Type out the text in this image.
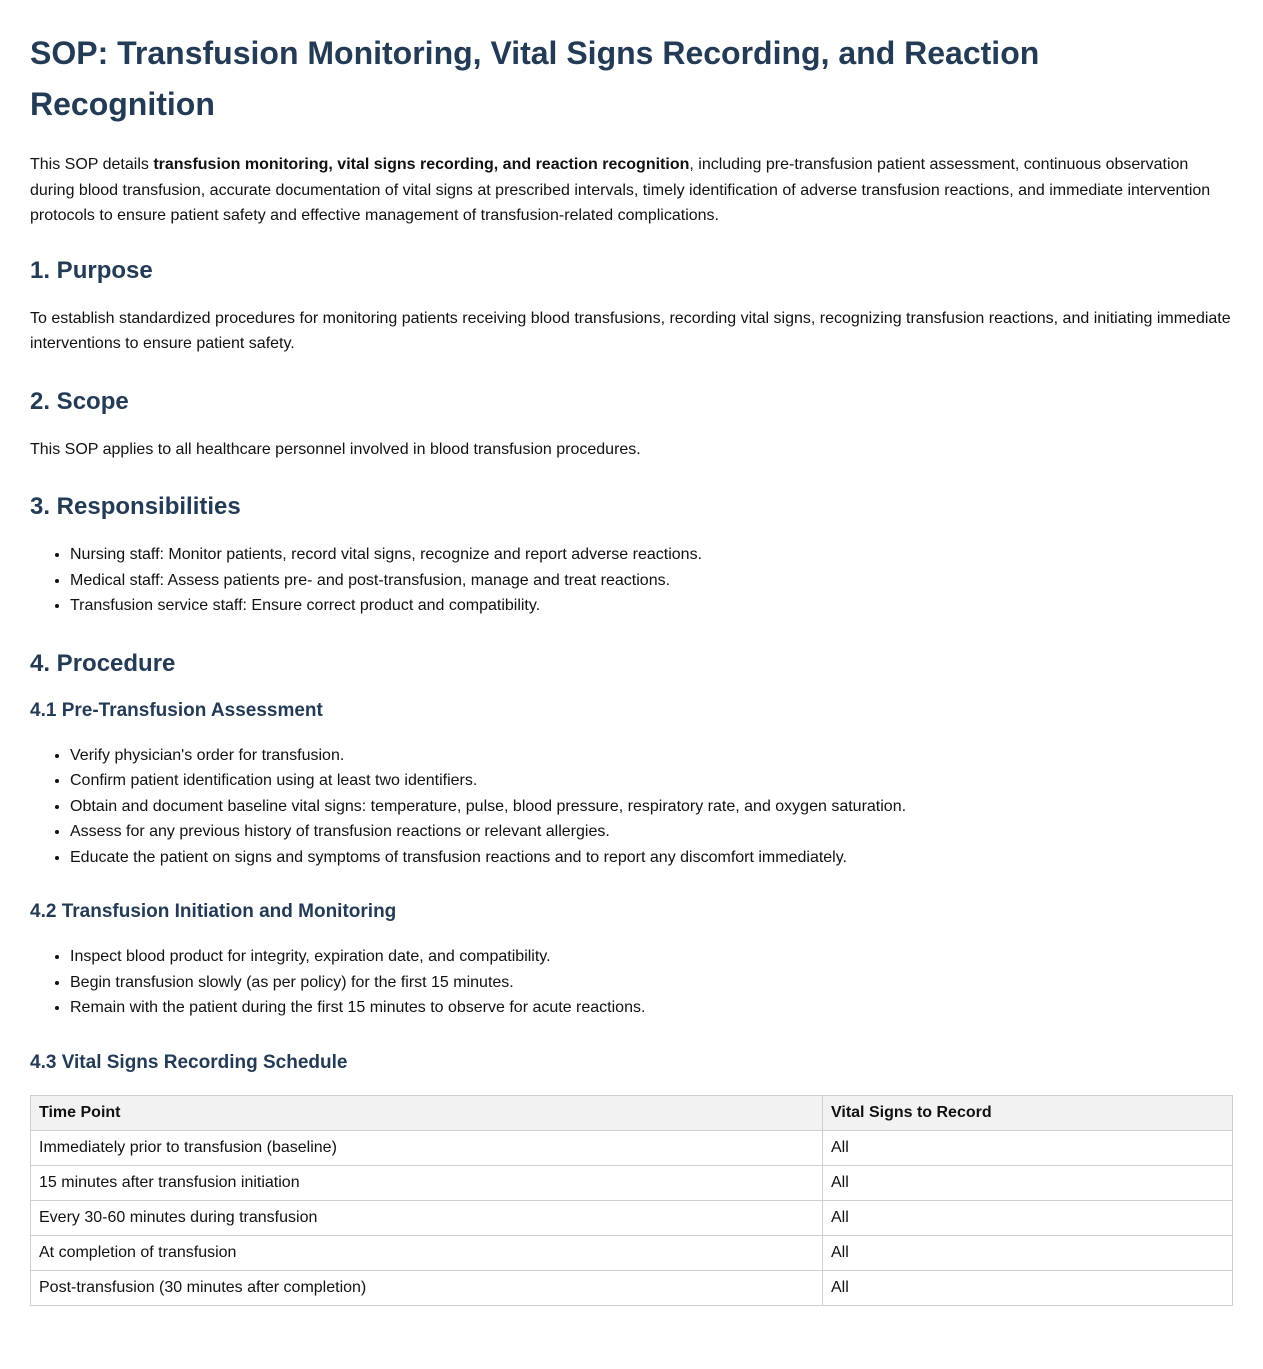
SOP: Transfusion Monitoring, Vital Signs Recording, and Reaction Recognition

This SOP details transfusion monitoring, vital signs recording, and reaction recognition, including pre-transfusion patient assessment, continuous observation during blood transfusion, accurate documentation of vital signs at prescribed intervals, timely identification of adverse transfusion reactions, and immediate intervention protocols to ensure patient safety and effective management of transfusion-related complications.

1. Purpose

To establish standardized procedures for monitoring patients receiving blood transfusions, recording vital signs, recognizing transfusion reactions, and initiating immediate interventions to ensure patient safety.

2. Scope

This SOP applies to all healthcare personnel involved in blood transfusion procedures.

3. Responsibilities
• Nursing staff: Monitor patients, record vital signs, recognize and report adverse reactions.
• Medical staff: Assess patients pre- and post-transfusion, manage and treat reactions.
• Transfusion service staff: Ensure correct product and compatibility.
4. Procedure
4.1 Pre-Transfusion Assessment
• Verify physician's order for transfusion.
• Confirm patient identification using at least two identifiers.
• Obtain and document baseline vital signs: temperature, pulse, blood pressure, respiratory rate, and oxygen saturation.
• Assess for any previous history of transfusion reactions or relevant allergies.
• Educate the patient on signs and symptoms of transfusion reactions and to report any discomfort immediately.
4.2 Transfusion Initiation and Monitoring
• Inspect blood product for integrity, expiration date, and compatibility.
• Begin transfusion slowly (as per policy) for the first 15 minutes.
• Remain with the patient during the first 15 minutes to observe for acute reactions.
4.3 Vital Signs Recording Schedule
Time Point	Vital Signs to Record
Immediately prior to transfusion (baseline)	All
15 minutes after transfusion initiation	All
Every 30-60 minutes during transfusion	All
At completion of transfusion	All
Post-transfusion (30 minutes after completion)	All
